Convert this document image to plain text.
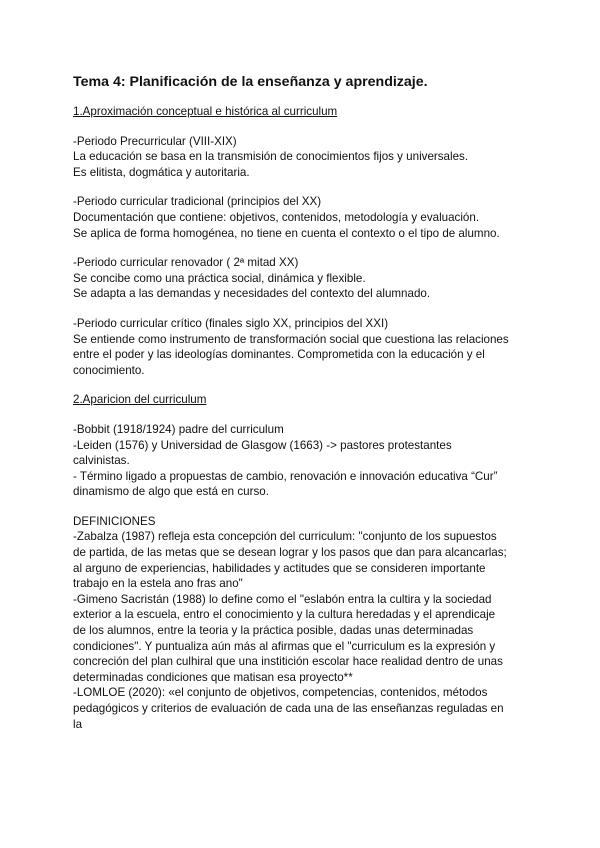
Tema 4: Planificación de la enseñanza y aprendizaje.

1.Aproximación conceptual e histórica al curriculum

-Periodo Precurricular (VIII-XIX)

La educación se basa en la transmisión de conocimientos fijos y universales.

Es elitista, dogmática y autoritaria.

-Periodo curricular tradicional (principios del XX)

Documentación que contiene: objetivos, contenidos, metodología y evaluación.

Se aplica de forma homogénea, no tiene en cuenta el contexto o el tipo de alumno.

-Periodo curricular renovador ( 2ª mitad XX)

Se concibe como una práctica social, dinámica y flexible.

Se adapta a las demandas y necesidades del contexto del alumnado.

-Periodo curricular crítico (finales siglo XX, principios del XXI)

Se entiende como instrumento de transformación social que cuestiona las relaciones

entre el poder y las ideologías dominantes. Comprometida con la educación y el

conocimiento.

2.Aparicion del curriculum

-Bobbit (1918/1924) padre del curriculum

-Leiden (1576) y Universidad de Glasgow (1663) -> pastores protestantes

calvinistas.

- Término ligado a propuestas de cambio, renovación e innovación educativa “Cur”

dinamismo de algo que está en curso.

DEFINICIONES

-Zabalza (1987) refleja esta concepción del curriculum: "conjunto de los supuestos

de partida, de las metas que se desean lograr y los pasos que dan para alcancarlas;

al arguno de experiencias, habilidades y actitudes que se consideren importante

trabajo en la estela ano fras ano"

-Gimeno Sacristán (1988) lo define como el "eslabón entra la cultira y la sociedad

exterior a la escuela, entro el conocimiento y la cultura heredadas y el aprendicaje

de los alumnos, entre la teoria y la práctica posible, dadas unas determinadas

condiciones". Y puntualiza aún más al afirmas que el "curriculum es la expresión y

concreción del plan culhiral que una institición escolar hace realidad dentro de unas

determinadas condiciones que matisan esa proyecto**

-LOMLOE (2020): «el conjunto de objetivos, competencias, contenidos, métodos

pedagógicos y criterios de evaluación de cada una de las enseñanzas reguladas en

la
